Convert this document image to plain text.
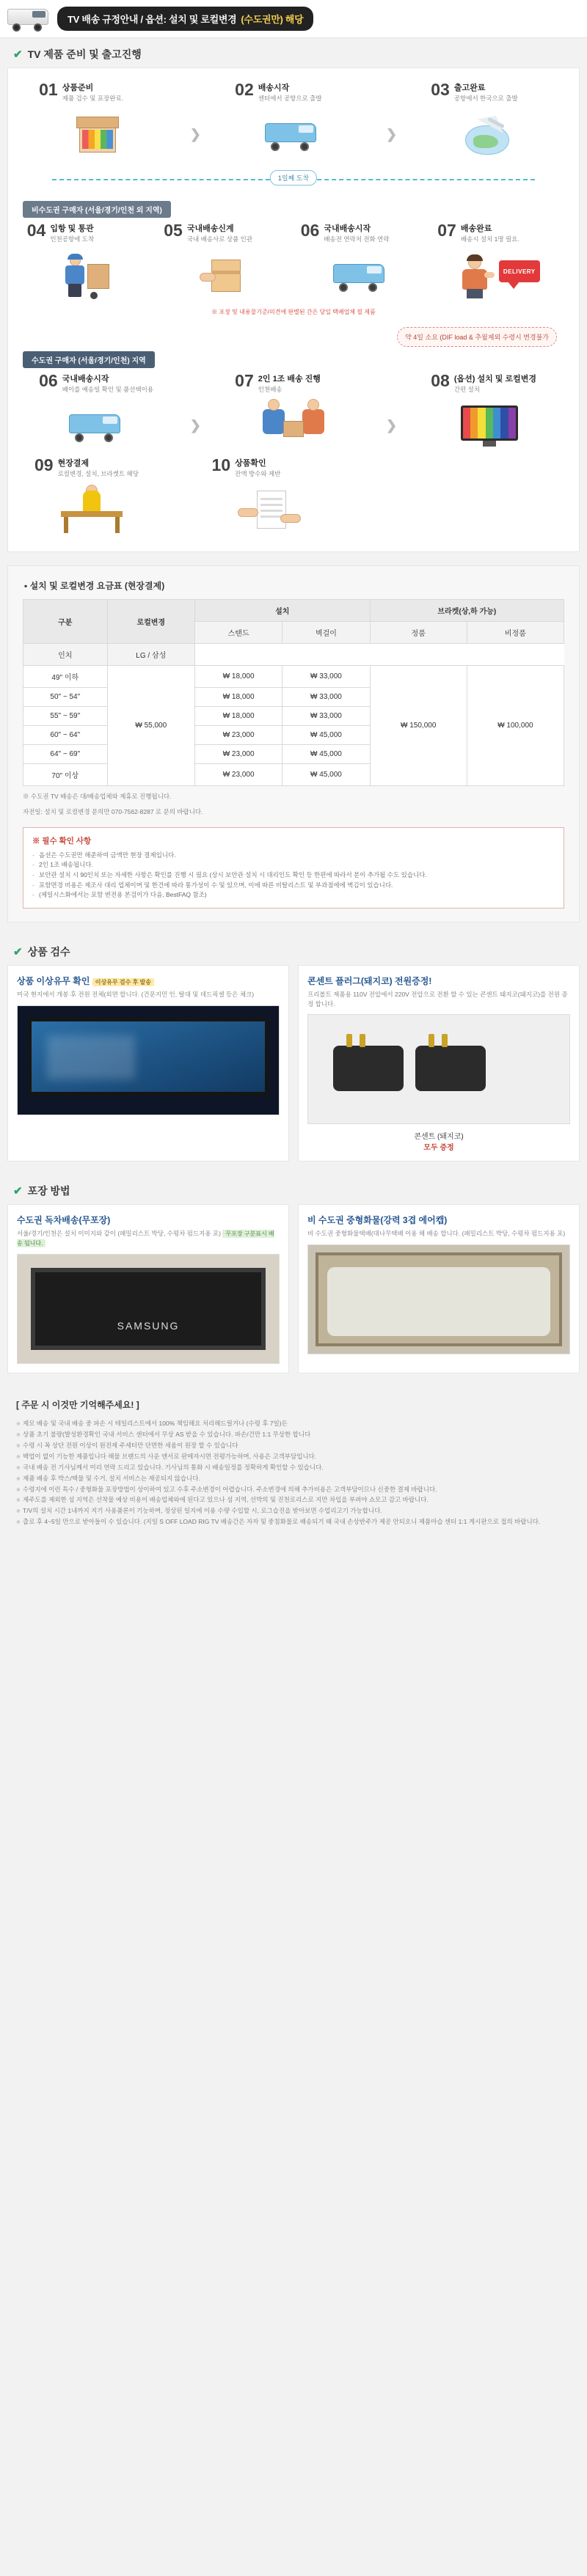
TV 배송 규정안내 / 옵션: 설치 및 로컬변경 (수도권만) 해당
✔ TV 제품 준비 및 출고진행
01 상품준비
제품 검수 및 포장완료.
❯
02 배송시작
센터에서 공항으로 출발
❯
03 출고완료
공항에서 한국으로 출발
1일째 도착
비수도권 구매자 (서울/경기/인천 외 지역)
04 입항 및 통관
인천공항에 도착	05 국내배송신계
국내 배송사로 상품 인관	06 국내배송시작
배송전 연락처 전화 연락	07 배송완료
배송시 설치 1명 필요.
DELIVERY
※ 포장 및 내용물기준/의견에 판별된 간은 당일 택배업체 필 제품
약 4일 소요 (DIF load & 추월제외 수령시 변경불가
수도권 구매자 (서울/경기/인천) 지역
06 국내배송시작
배이를 예송일 확인 및 품선택이용
❯
07 2인 1조 배송 진행
인천배송
❯
08 (옵션) 설치 및 로컬변경
간편 설치
09 현장결제
로컬변경, 설치, 브라켓트 해당	10 상품확인
잔액 방수와 제반
▪ 설치 및 로컬변경 요금표 (현장결제)
구분	로컬변경	설치		브라켓(상,하 가능)	
		스탠드	벽걸이	정품	비정품
인치	LG / 삼성			
49" 이하	₩ 55,000	₩ 18,000	₩ 33,000	₩ 150,000	₩ 100,000
50" ~ 54"		₩ 18,000	₩ 33,000		
55" ~ 59"		₩ 18,000	₩ 33,000		
60" ~ 64"		₩ 23,000	₩ 45,000		
64" ~ 69"		₩ 23,000	₩ 45,000		
70" 이상		₩ 23,000	₩ 45,000		
※ 수도권 TV 배송은 대/배송업체와 제휴로 진행됩니다.
자전일: 설치 및 로컬변경 문의만 070-7562-8287 로 문의 바랍니다.
※ 필수 확인 사항
- 옵션은 수도권만 해준하여 금액만 현장 결제입니다.
- 2인 1조 배송됩니다.
- 보안관 설치 시 90인치 또는 자세한 사항은 확인를 진행 시 필요 (상시 보안관 설치 시 대리인도 확인 등 한편에 따라서 분이 추가될 수도 있습니다.
- 포함면경 비용은 제조사 대리 업체이며 및 한건에 따라 통가성이 수 및 있으며, 이에 따른 비탈리스트 및 부과점에에 벽김이 있습니다.
- (제일시스화에서는 포함 변전용 본검이가 다음, BestFAQ 참조)
✔ 상품 검수
상품 이상유무 확인 이상유무 검수 후 발송

미국 현지에서 개봉 후 전원 전체(외면 합니다. (건문지민 인, 탈대 및 데드픽셀 등은 체크)

콘센트 플러그(돼지코) 전원증정!

프리볼트 제품용 110V 전압에서 220V 전압으로 전환 할 수 있는 콘센트 돼지코(돼지코)를 전원 증정 합니다.

콘센트 (돼지코)
모두 증정
✔ 포장 방법
수도권 독차배송(무포장)

서울/경기/인천은 설치 이미지와 같이 (패밀리스트 박당, 수평차 펌드지용 포) 무포장 구분표시 배송 됩니다.

SAMSUNG
비 수도권 중형화물(강력 3겹 에어캡)

비 수도권 중형화물택배(대나무택배 이용 해 배송 합니다. (패밀리스트 박당, 수평차 펌드지용 포)

[ 주문 시 이것만 기억해주세요! ]
※ 제모 배송 및 국내 배송 중 파손 시 테일리스트에서 100% 책임해요 처리해드릴거나 (수령 후 7일)든
※ 상품 초기 불량(발성환경확인 국내 서비스 센터에서 무상 AS 받을 수 있습니다. 파손/건만 1:1 무상한 합니다
※ 수령 시 꼭 상단 전원 이상이 원전제 주세터만 단면한 세움이 원장 할 수 있습니다
※ 백업이 없이 기능한 제품입니다 해물 브랜드의 사운 앤서로 판매자시면 전평가능하며, 사용은 고객부담입니다.
※ 국내 배송 전 기사님께서 미리 연락 드리고 있습니다. 기사님의 통화 시 배송일정를 정확하게 확인할 수 있습니다.
※ 제품 배송 후 박스/택물 및 수거, 설치 서비스는 제공되지 않습니다.
※ 수령지에 이런 특수 / 중형화물 포장방법이 상이하여 있고 수후 주소변경이 어렵습니다. 주소변경에 의해 추가비용은 고객부담이므나 신중한 결제 바랍니다.
※ 제주도를 제외한 섬 지역은 선착물 예상 비용이 배송업체와에 된다고 있으나 섬 지역, 선박의 및 진천로리스로 지만 차입을 부려야 쇼모고 감고 바랍니다.
※ T/V의 설치 시간 1내까지 지기 사용품론이 기능하며, 정상된 일지에 이용 수량 수입할 시, 로그습진을 받아보면 수업리고기 가능합니다.
※ 출로 후 4~5일 만으로 받아들이 수 있습니다. (지일 S OFF LOAD RIG TV 배송간은 자자 및 중침화물로 배송되기 때 국내 손상반주가 제공 안되오니 제품마습 센터 1:1 게시판으로 접의 바랍니다.
